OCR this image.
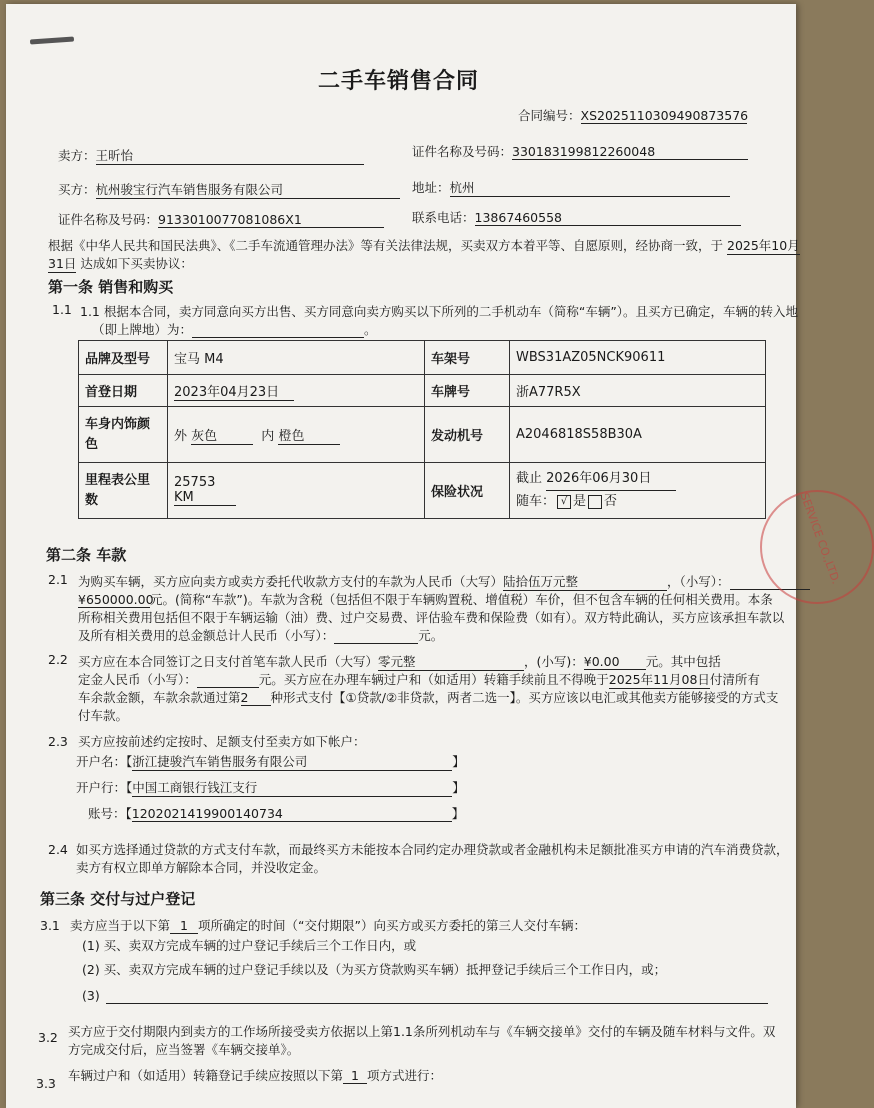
二手车销售合同
合同编号：XS20251103094908735​76
卖方：王昕怡	证件名称及号码：330183199812260048
买方：杭州骏宝行汽车销售服务有限公司	地址：杭州
证件名称及号码：913301007708108​6X1	联系电话：13867460558
根据《中华人民共和国民法典》、《二手车流通管理办法》等有关法律法规，买卖双方本着平等、自愿原则，经协商一致，于 2025年10月
31日 达成如下买卖协议：
第一条 销售和购买
1.1 1.1 根据本合同，卖方同意向买方出售、买方同意向卖方购买以下所列的二手机动车（简称“车辆”）。且买方已确定，车辆的转入地
（即上牌地）为：	。
品牌及型号	宝马 M4	车架号	WBS31AZ05NCK90611
首登日期	2023年04月23日	车牌号	浙A77R5X
车身内饰颜色	外 灰色 内 橙色	发动机号	A2046818S58B30A
里程表公里数	25753 KM	保险状况	截止 2026年06月30日
随车： √ 是 否
第二条 车款
2.1 为购买车辆，买方应向卖方或卖方委托代收款方支付的车款为人民币（大写）陆拾伍万元整	，（小写）：
¥650000.00元。(简称“车款”)。车款为含税（包括但不限于车辆购置税、增值税）车价，但不包含车辆的任何相关费用。本条
所称相关费用包括但不限于车辆运输（油）费、过户交易费、评估验车费和保险费（如有）。双方特此确认，买方应该承担车款以
及所有相关费用的总金额总计人民币（小写）：	元。
2.2 买方应在本合同签订之日支付首笔车款人民币（大写）零元整	，(小写)：¥0.00 元。其中包括
定金人民币（小写）：	元。买方应在办理车辆过户和（如适用）转籍手续前且不得晚于2025年11月08日付清所有
车余款金额，车款余款通过第2 种形式支付【①贷款/②非贷款，两者二选一】。买方应该以电汇或其他卖方能够接受的方式支
付车款。
2.3 买方应按前述约定按时、足额支付至卖方如下帐户：
开户名：【浙江捷骏汽车销售服务有限公司	】
开户行：【中国工商银行钱江支行	】
账号：【1202021419900140734	】
2.4 如买方选择通过贷款的方式支付车款，而最终买方未能按本合同约定办理贷款或者金融机构未足额批准买方申请的汽车消费贷款，
卖方有权立即单方解除本合同，并没收定金。
第三条 交付与过户登记
3.1 卖方应当于以下第 1 项所确定的时间（“交付期限”）向买方或买方委托的第三人交付车辆：
(1) 买、卖双方完成车辆的过户登记手续后三个工作日内，或
(2) 买、卖双方完成车辆的过户登记手续以及（为买方贷款购买车辆）抵押登记手续后三个工作日内，或；
(3)
3.2 买方应于交付期限内到卖方的工作场所接受卖方依据以上第1.1条所列机动车与《车辆交接单》交付的车辆及随车材料与文件。双
方完成交付后，应当签署《车辆交接单》。
3.3
车辆过户和（如适用）转籍登记手续应按照以下第 1 项方式进行：
SERVICE CO.,LTD.
